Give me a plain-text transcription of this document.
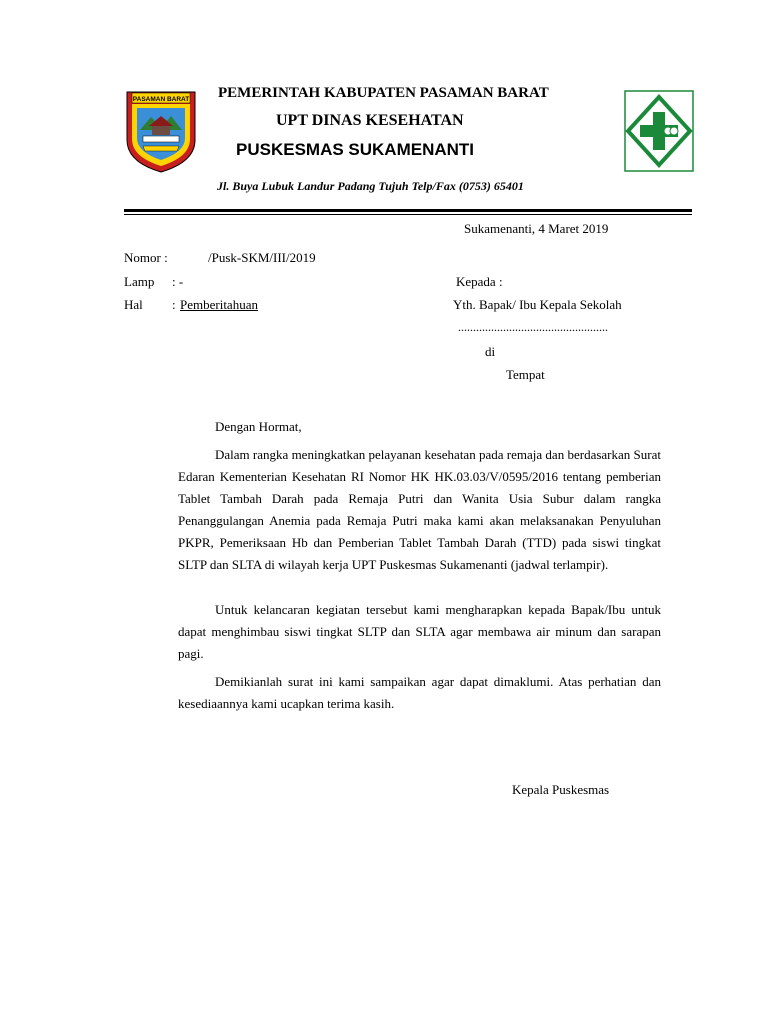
PASAMAN BARAT PEMERINTAH KABUPATEN PASAMAN BARAT
UPT DINAS KESEHATAN
PUSKESMAS SUKAMENANTI
Jl. Buya Lubuk Landur Padang Tujuh Telp/Fax (0753) 65401
Sukamenanti, 4 Maret 2019
Nomor :	/Pusk-SKM/III/2019
Lamp : -
Hal : Pemberitahuan
Kepada :
Yth. Bapak/ Ibu Kepala Sekolah
..................................................
di
Tempat
Dengan Hormat,
Dalam rangka meningkatkan pelayanan kesehatan pada remaja dan berdasarkan Surat Edaran Kementerian Kesehatan RI Nomor HK HK.03.03/V/0595/2016 tentang pemberian Tablet Tambah Darah pada Remaja Putri dan Wanita Usia Subur dalam rangka Penanggulangan Anemia pada Remaja Putri maka kami akan melaksanakan Penyuluhan PKPR, Pemeriksaan Hb dan Pemberian Tablet Tambah Darah (TTD) pada siswi tingkat SLTP dan SLTA di wilayah kerja UPT Puskesmas Sukamenanti (jadwal terlampir).
Untuk kelancaran kegiatan tersebut kami mengharapkan kepada Bapak/Ibu untuk dapat menghimbau siswi tingkat SLTP dan SLTA agar membawa air minum dan sarapan pagi.
Demikianlah surat ini kami sampaikan agar dapat dimaklumi. Atas perhatian dan kesediaannya kami ucapkan terima kasih.
Kepala Puskesmas
